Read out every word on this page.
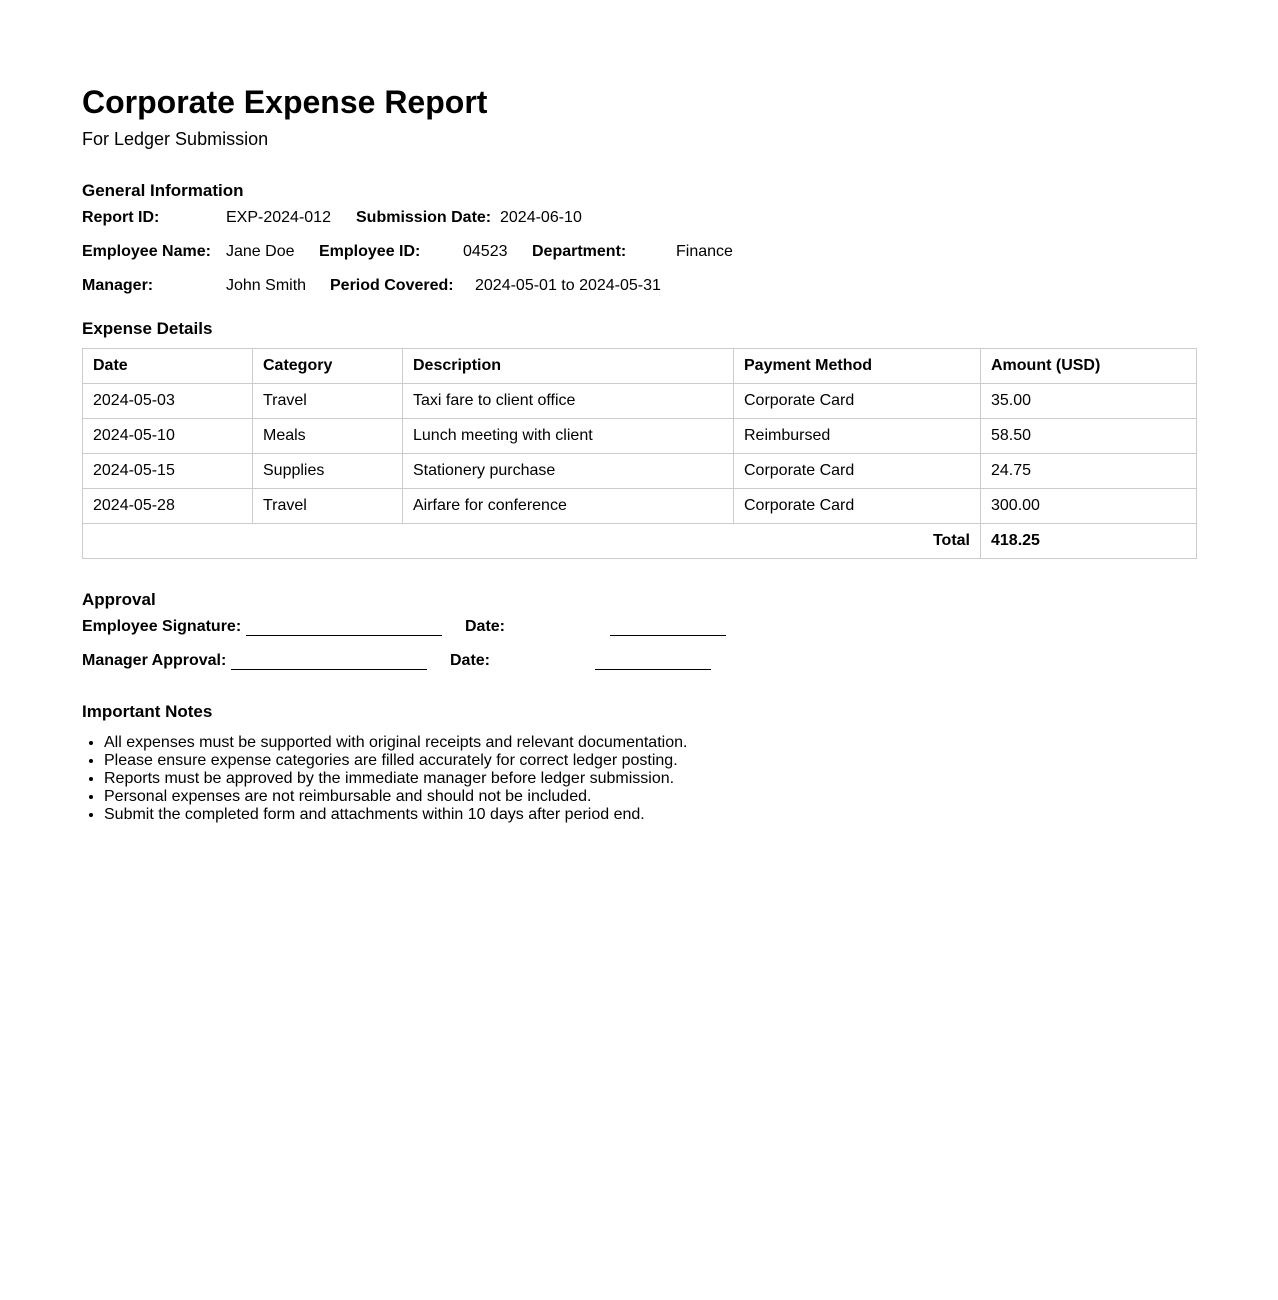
Corporate Expense Report
For Ledger Submission
General Information
Report ID:	EXP-2024-012 Submission Date: 2024-06-10
Employee Name: Jane Doe Employee ID:	04523 Department:	Finance
Manager:	John Smith Period Covered: 2024-05-01 to 2024-05-31
Expense Details
Date	Category	Description	Payment Method	Amount (USD)
2024-05-03	Travel	Taxi fare to client office	Corporate Card	35.00
2024-05-10	Meals	Lunch meeting with client	Reimbursed	58.50
2024-05-15	Supplies	Stationery purchase	Corporate Card	24.75
2024-05-28	Travel	Airfare for conference	Corporate Card	300.00
Total				418.25
Approval
Employee Signature:	Date:
Manager Approval:	Date:
Important Notes
• All expenses must be supported with original receipts and relevant documentation.
• Please ensure expense categories are filled accurately for correct ledger posting.
• Reports must be approved by the immediate manager before ledger submission.
• Personal expenses are not reimbursable and should not be included.
• Submit the completed form and attachments within 10 days after period end.
